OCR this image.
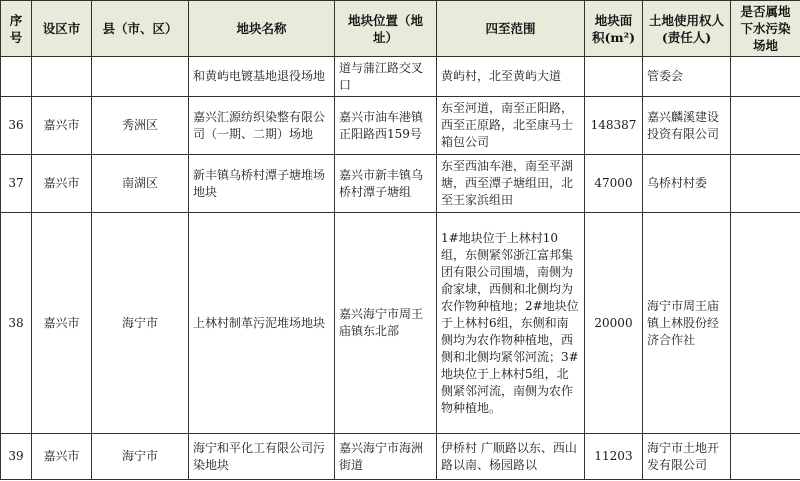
序号	设区市	县（市、区）	地块名称	地块位置（地址）	四至范围	地块面积(m²)	土地使用权人(责任人)	是否属地下水污染场地
			和黄屿电镀基地退役场地	道与蒲江路交叉口	黄屿村，北至黄屿大道		管委会	
36	嘉兴市	秀洲区	嘉兴汇源纺织染整有限公司（一期、二期）场地	嘉兴市油车港镇正阳路西159号	东至河道，南至正阳路，西至正原路，北至康马士箱包公司	148387	嘉兴麟溪建设投资有限公司	
37	嘉兴市	南湖区	新丰镇乌桥村潭子塘堆场地块	嘉兴市新丰镇乌桥村潭子塘组	东至西油车港，南至平湖塘，西至潭子塘组田，北至王家浜组田	47000	乌桥村村委	
38	嘉兴市	海宁市	上林村制革污泥堆场地块	嘉兴海宁市周王庙镇东北部	1#地块位于上林村10组，东侧紧邻浙江富邦集团有限公司围墙，南侧为俞家埭，西侧和北侧均为农作物种植地；2#地块位于上林村6组，东侧和南侧均为农作物种植地，西侧和北侧均紧邻河流；3#地块位于上林村5组，北侧紧邻河流，南侧为农作物种植地。	20000	海宁市周王庙镇上林股份经济合作社	
39	嘉兴市	海宁市	海宁和平化工有限公司污染地块	嘉兴海宁市海洲街道	伊桥村 广顺路以东、西山路以南、杨园路以	11203	海宁市土地开发有限公司	
